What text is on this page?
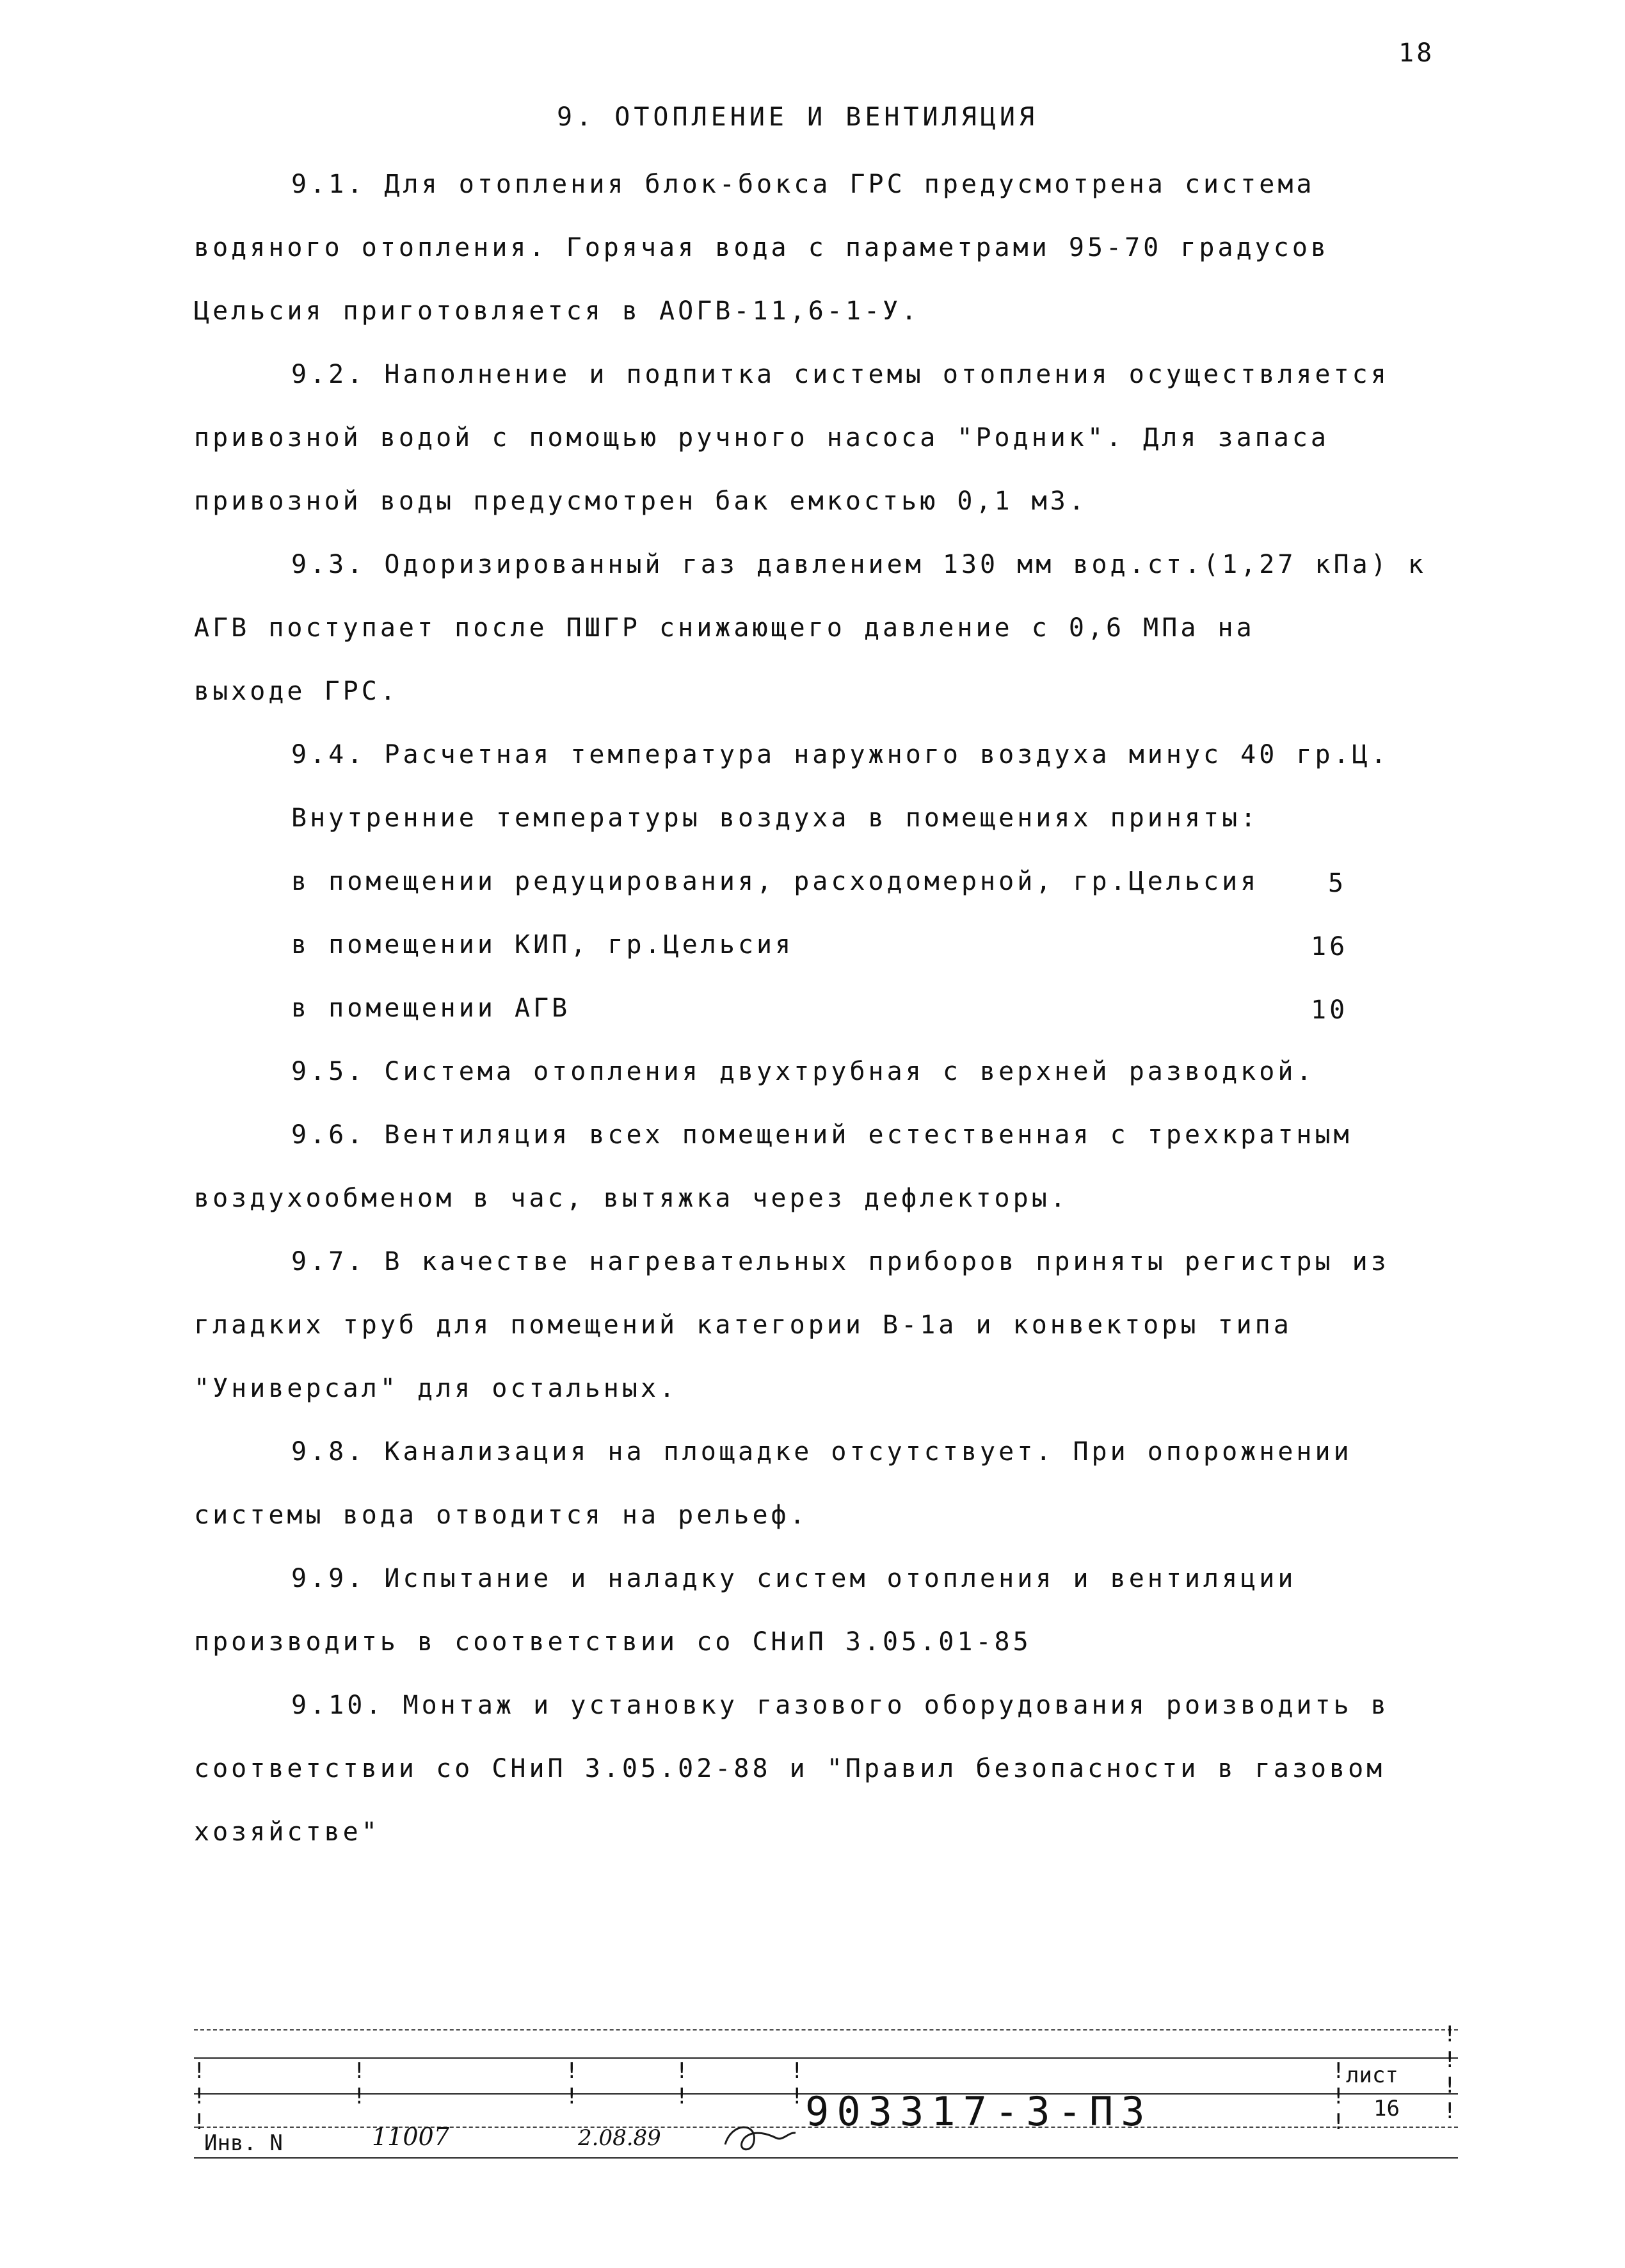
18
9. ОТОПЛЕНИЕ И ВЕНТИЛЯЦИЯ
9.1. Для отопления блок-бокса ГРС предусмотрена система
водяного отопления. Горячая вода с параметрами 95-70 градусов
Цельсия приготовляется в АОГВ-11,6-1-У.
9.2. Наполнение и подпитка системы отопления осуществляется
привозной водой с помощью ручного насоса "Родник". Для запаса
привозной воды предусмотрен бак емкостью 0,1 м3.
9.3. Одоризированный газ давлением 130 мм вод.ст.(1,27 кПа) к
АГВ поступает после ПШГР снижающего давление с 0,6 МПа на
выходе ГРС.
9.4. Расчетная температура наружного воздуха минус 40 гр.Ц.
Внутренние температуры воздуха в помещениях приняты:
в помещении редуцирования, расходомерной, гр.Цельсия	5
в помещении КИП, гр.Цельсия	16
в помещении АГВ	10
9.5. Система отопления двухтрубная с верхней разводкой.
9.6. Вентиляция всех помещений естественная с трехкратным
воздухообменом в час, вытяжка через дефлекторы.
9.7. В качестве нагревательных приборов приняты регистры из
гладких труб для помещений категории В-1а и конвекторы типа
"Универсал" для остальных.
9.8. Канализация на площадке отсутствует. При опорожнении
системы вода отводится на рельеф.
9.9. Испытание и наладку систем отопления и вентиляции
производить в соответствии со СНиП 3.05.01-85
9.10. Монтаж и установку газового оборудования роизводить в
соответствии со СНиП 3.05.02-88 и "Правил безопасности в газовом
хозяйстве"
!
!
!
!
!
!
!
!
!
!
!
!
!
!
!
!
!
!
лист
16
903317-3-ПЗ
Инв. N	11007	2.08.89
